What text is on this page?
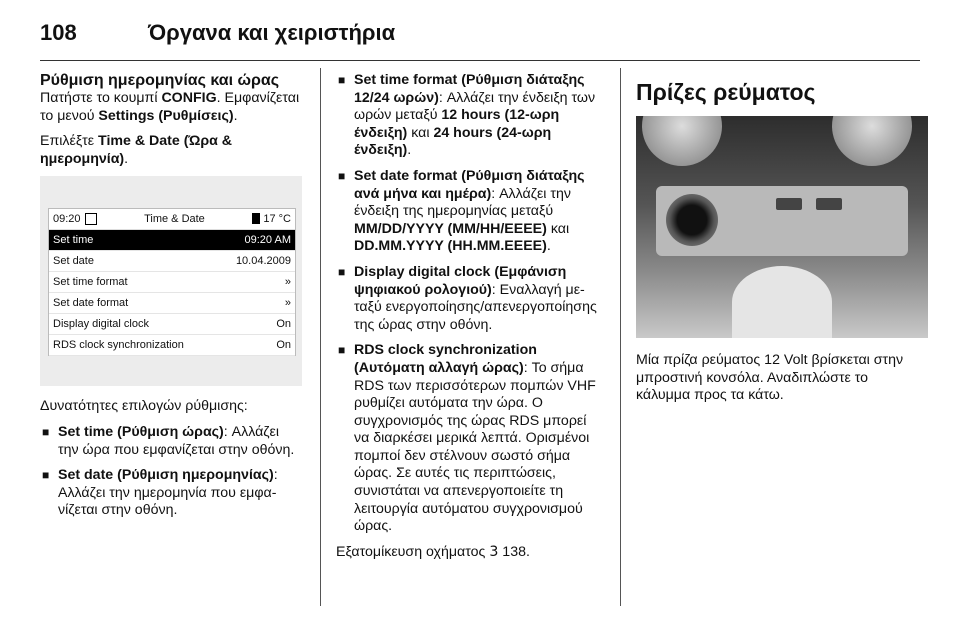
108	Όργανα και χειριστήρια
Ρύθμιση ημερομηνίας και ώρας

Πατήστε το κουμπί CONFIG. Εμφανίζεται το μενού Settings (Ρυθμίσεις).

Επιλέξτε Time & Date (Ώρα & ημερομηνία).

09:20	Time & Date	17 °C
Set time	09:20 AM
Set date	10.04.2009
Set time format	»
Set date format	»
Display digital clock	On
RDS clock synchronization	On

Δυνατότητες επιλογών ρύθμισης:

■ Set time (Ρύθμιση ώρας): Αλλάζει την ώρα που εμφανίζεται στην οθόνη.
■ Set date (Ρύθμιση ημερομηνίας): Αλλάζει την ημερομηνία που εμφανίζεται στην οθόνη.
■ Set time format (Ρύθμιση διάταξης 12/24 ωρών): Αλλάζει την ένδειξη των ωρών μεταξύ 12 hours (12-ωρη ένδειξη) και 24 hours (24-ωρη ένδειξη).
■ Set date format (Ρύθμιση διάταξης ανά μήνα και ημέρα): Αλλάζει την ένδειξη της ημερομηνίας μεταξύ MM/DD/YYYY (MM/HH/EEEE) και DD.MM.YYYY (HH.MM.EEEE).
■ Display digital clock (Εμφάνιση ψηφιακού ρολογιού): Εναλλαγή μεταξύ ενεργοποίησης/απενεργοποίησης της ώρας στην οθόνη.
■ RDS clock synchronization (Αυτόματη αλλαγή ώρας): Το σήμα RDS των περισσότερων πομπών VHF ρυθμίζει αυτόματα την ώρα. Ο συγχρονισμός της ώρας RDS μπορεί να διαρκέσει μερικά λεπτά. Ορισμένοι πομποί δεν στέλνουν σωστό σήμα ώρας. Σε αυτές τις περιπτώσεις, συνιστάται να απενεργοποιείτε τη λειτουργία αυτόματου συγχρονισμού ώρας.

Εξατομίκευση οχήματος 3 138.

Πρίζες ρεύματος

Μία πρίζα ρεύματος 12 Volt βρίσκεται στην μπροστινή κονσόλα. Αναδιπλώστε το κάλυμμα προς τα κάτω.
